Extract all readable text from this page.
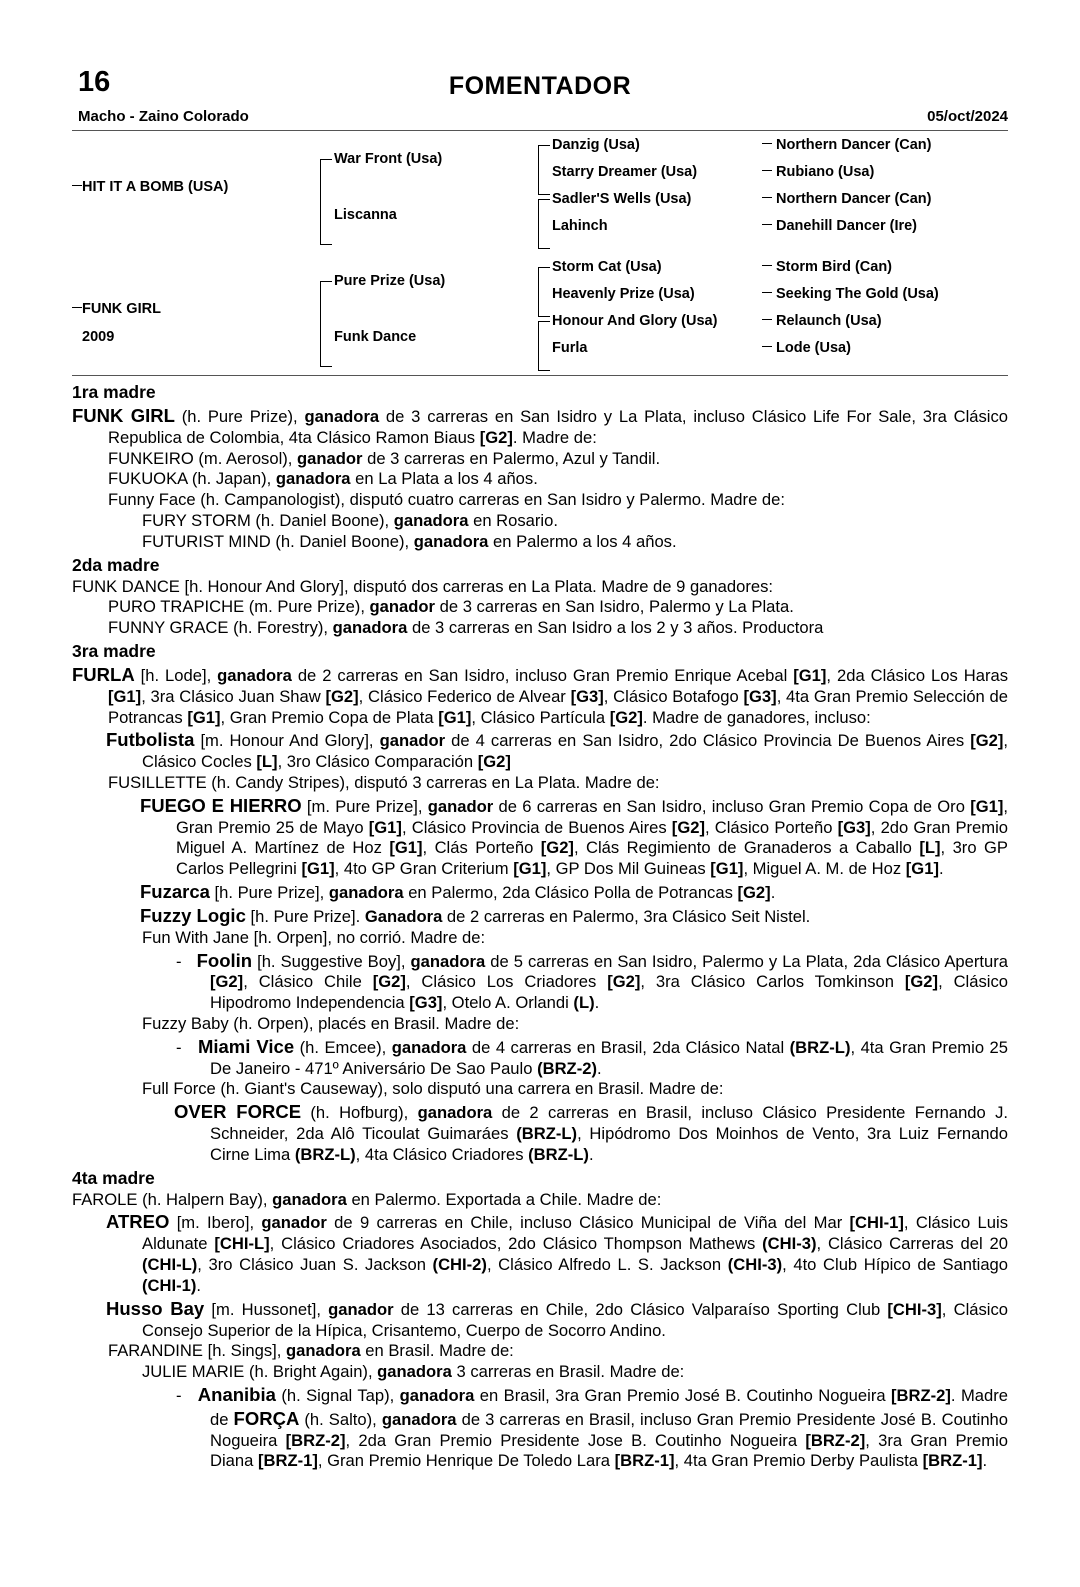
16	FOMENTADOR
Macho - Zaino Colorado	05/oct/2024
HIT IT A BOMB (USA)
FUNK GIRL
2009
War Front (Usa)
Liscanna
Pure Prize (Usa)
Funk Dance
Danzig (Usa)
Starry Dreamer (Usa)
Sadler'S Wells (Usa)
Lahinch
Storm Cat (Usa)
Heavenly Prize (Usa)
Honour And Glory (Usa)
Furla
Northern Dancer (Can)
Rubiano (Usa)
Northern Dancer (Can)
Danehill Dancer (Ire)
Storm Bird (Can)
Seeking The Gold (Usa)
Relaunch (Usa)
Lode (Usa)
1ra madre

FUNK GIRL (h. Pure Prize), ganadora de 3 carreras en San Isidro y La Plata, incluso Clásico Life For Sale, 3ra Clásico Republica de Colombia, 4ta Clásico Ramon Biaus [G2]. Madre de:

FUNKEIRO (m. Aerosol), ganador de 3 carreras en Palermo, Azul y Tandil.

FUKUOKA (h. Japan), ganadora en La Plata a los 4 años.

Funny Face (h. Campanologist), disputó cuatro carreras en San Isidro y Palermo. Madre de:

FURY STORM (h. Daniel Boone), ganadora en Rosario.

FUTURIST MIND (h. Daniel Boone), ganadora en Palermo a los 4 años.

2da madre

FUNK DANCE [h. Honour And Glory], disputó dos carreras en La Plata. Madre de 9 ganadores:

PURO TRAPICHE (m. Pure Prize), ganador de 3 carreras en San Isidro, Palermo y La Plata.

FUNNY GRACE (h. Forestry), ganadora de 3 carreras en San Isidro a los 2 y 3 años. Productora

3ra madre

FURLA [h. Lode], ganadora de 2 carreras en San Isidro, incluso Gran Premio Enrique Acebal [G1], 2da Clásico Los Haras [G1], 3ra Clásico Juan Shaw [G2], Clásico Federico de Alvear [G3], Clásico Botafogo [G3], 4ta Gran Premio Selección de Potrancas [G1], Gran Premio Copa de Plata [G1], Clásico Partícula [G2]. Madre de ganadores, incluso:

Futbolista [m. Honour And Glory], ganador de 4 carreras en San Isidro, 2do Clásico Provincia De Buenos Aires [G2], Clásico Cocles [L], 3ro Clásico Comparación [G2]

FUSILLETTE (h. Candy Stripes), disputó 3 carreras en La Plata. Madre de:

FUEGO E HIERRO [m. Pure Prize], ganador de 6 carreras en San Isidro, incluso Gran Premio Copa de Oro [G1], Gran Premio 25 de Mayo [G1], Clásico Provincia de Buenos Aires [G2], Clásico Porteño [G3], 2do Gran Premio Miguel A. Martínez de Hoz [G1], Clás Porteño [G2], Clás Regimiento de Granaderos a Caballo [L], 3ro GP Carlos Pellegrini [G1], 4to GP Gran Criterium [G1], GP Dos Mil Guineas [G1], Miguel A. M. de Hoz [G1].

Fuzarca [h. Pure Prize], ganadora en Palermo, 2da Clásico Polla de Potrancas [G2].

Fuzzy Logic [h. Pure Prize]. Ganadora de 2 carreras en Palermo, 3ra Clásico Seit Nistel.

Fun With Jane [h. Orpen], no corrió. Madre de:

- Foolin [h. Suggestive Boy], ganadora de 5 carreras en San Isidro, Palermo y La Plata, 2da Clásico Apertura [G2], Clásico Chile [G2], Clásico Los Criadores [G2], 3ra Clásico Carlos Tomkinson [G2], Clásico Hipodromo Independencia [G3], Otelo A. Orlandi (L).

Fuzzy Baby (h. Orpen), placés en Brasil. Madre de:

- Miami Vice (h. Emcee), ganadora de 4 carreras en Brasil, 2da Clásico Natal (BRZ-L), 4ta Gran Premio 25 De Janeiro - 471º Aniversário De Sao Paulo (BRZ-2).

Full Force (h. Giant's Causeway), solo disputó una carrera en Brasil. Madre de:

OVER FORCE (h. Hofburg), ganadora de 2 carreras en Brasil, incluso Clásico Presidente Fernando J. Schneider, 2da Alô Ticoulat Guimaráes (BRZ-L), Hipódromo Dos Moinhos de Vento, 3ra Luiz Fernando Cirne Lima (BRZ-L), 4ta Clásico Criadores (BRZ-L).

4ta madre

FAROLE (h. Halpern Bay), ganadora en Palermo. Exportada a Chile. Madre de:

ATREO [m. Ibero], ganador de 9 carreras en Chile, incluso Clásico Municipal de Viña del Mar [CHI-1], Clásico Luis Aldunate [CHI-L], Clásico Criadores Asociados, 2do Clásico Thompson Mathews (CHI-3), Clásico Carreras del 20 (CHI-L), 3ro Clásico Juan S. Jackson (CHI-2), Clásico Alfredo L. S. Jackson (CHI-3), 4to Club Hípico de Santiago (CHI-1).

Husso Bay [m. Hussonet], ganador de 13 carreras en Chile, 2do Clásico Valparaíso Sporting Club [CHI-3], Clásico Consejo Superior de la Hípica, Crisantemo, Cuerpo de Socorro Andino.

FARANDINE [h. Sings], ganadora en Brasil. Madre de:

JULIE MARIE (h. Bright Again), ganadora 3 carreras en Brasil. Madre de:

- Ananibia (h. Signal Tap), ganadora en Brasil, 3ra Gran Premio José B. Coutinho Nogueira [BRZ-2]. Madre de FORÇA (h. Salto), ganadora de 3 carreras en Brasil, incluso Gran Premio Presidente José B. Coutinho Nogueira [BRZ-2], 2da Gran Premio Presidente Jose B. Coutinho Nogueira [BRZ-2], 3ra Gran Premio Diana [BRZ-1], Gran Premio Henrique De Toledo Lara [BRZ-1], 4ta Gran Premio Derby Paulista [BRZ-1].
